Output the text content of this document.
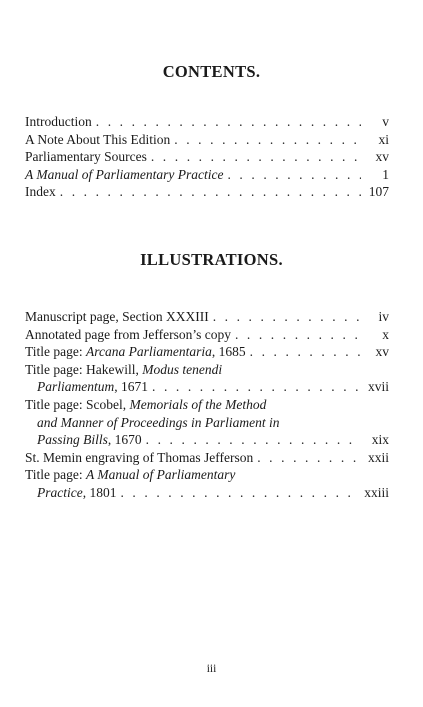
CONTENTS.
Introduction . . .	v
A Note About This Edition . . .	xi
Parliamentary Sources . . .	xv
A Manual of Parliamentary Practice . . .	1
Index . . .	107
ILLUSTRATIONS.
Manuscript page, Section XXXIII . . .	iv
Annotated page from Jefferson’s copy . . .	x
Title page: Arcana Parliamentaria, 1685 . . .	xv
Title page: Hakewill, Modus tenendi
Parliamentum, 1671 . . .	xvii
Title page: Scobel, Memorials of the Method
and Manner of Proceedings in Parliament in
Passing Bills, 1670 . . .	xix
St. Memin engraving of Thomas Jefferson . . .	xxii
Title page: A Manual of Parliamentary
Practice, 1801 . . .	xxiii
iii
